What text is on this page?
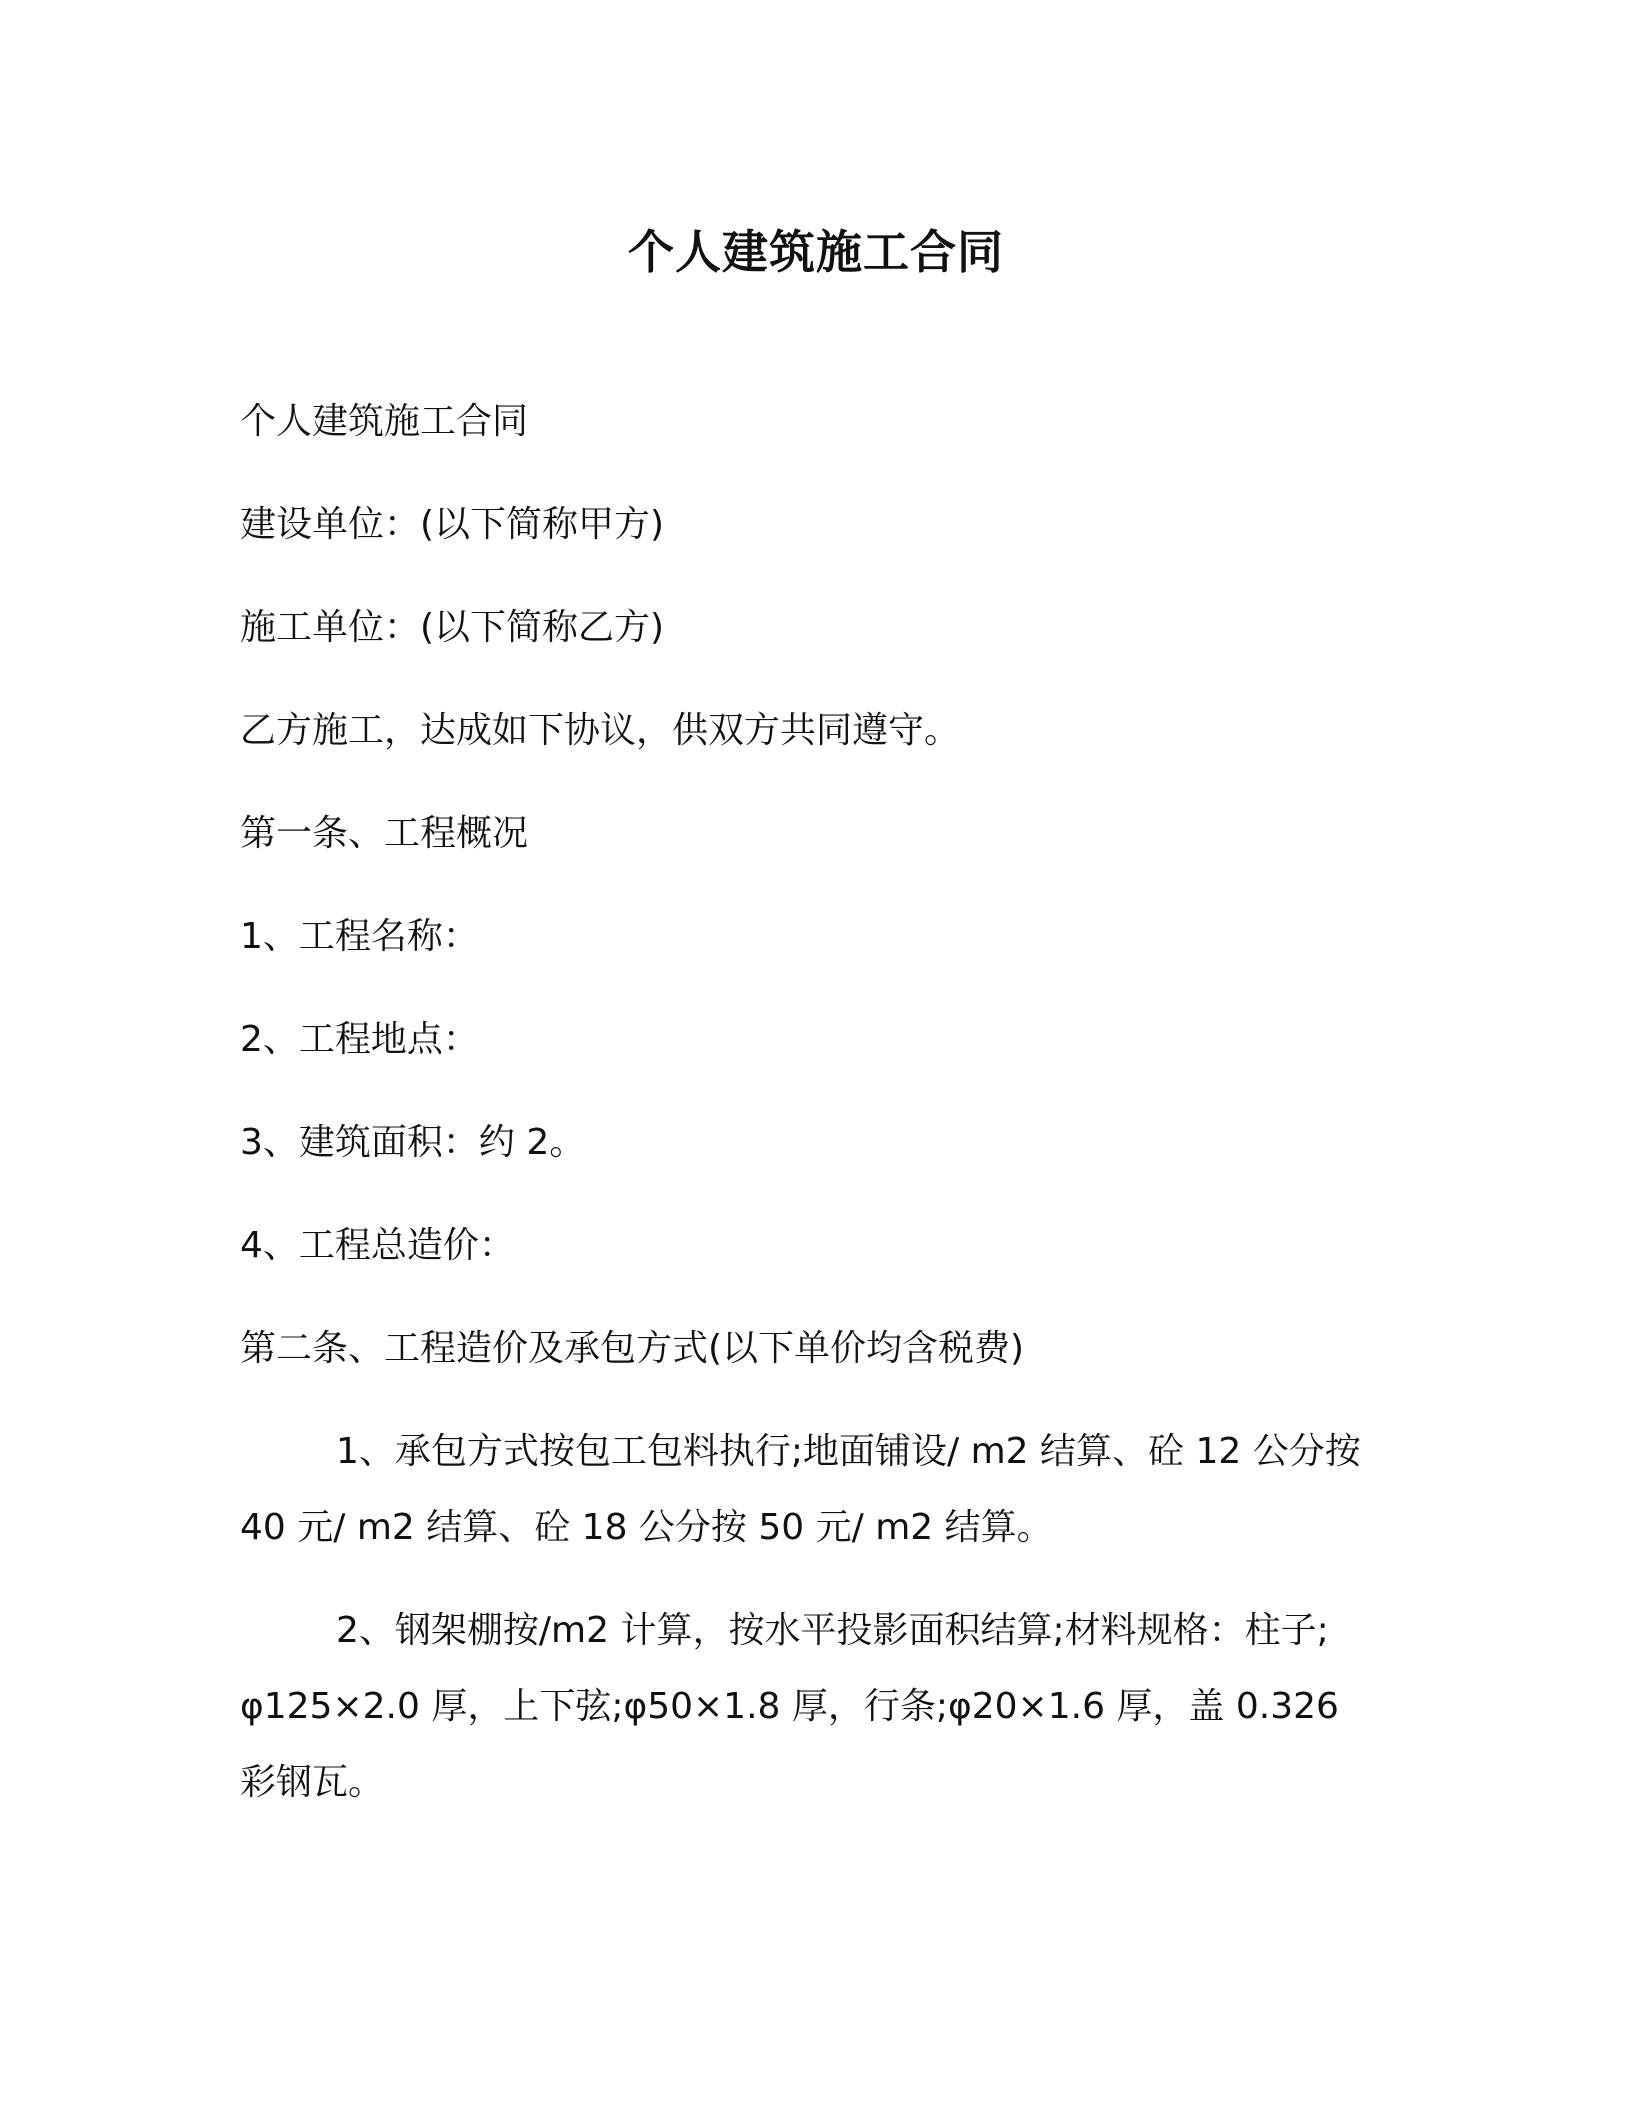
个人建筑施工合同

个人建筑施工合同

建设单位：(以下简称甲方)

施工单位：(以下简称乙方)

乙方施工，达成如下协议，供双方共同遵守。

第一条、工程概况

1、工程名称：

2、工程地点：

3、建筑面积：约 2。

4、工程总造价：

第二条、工程造价及承包方式(以下单价均含税费)

1、承包方式按包工包料执行;地面铺设/ m2 结算、砼 12 公分按

40 元/ m2 结算、砼 18 公分按 50 元/ m2 结算。

2、钢架棚按/m2 计算，按水平投影面积结算;材料规格：柱子;

φ125×2.0 厚，上下弦;φ50×1.8 厚，行条;φ20×1.6 厚，盖 0.326

彩钢瓦。
